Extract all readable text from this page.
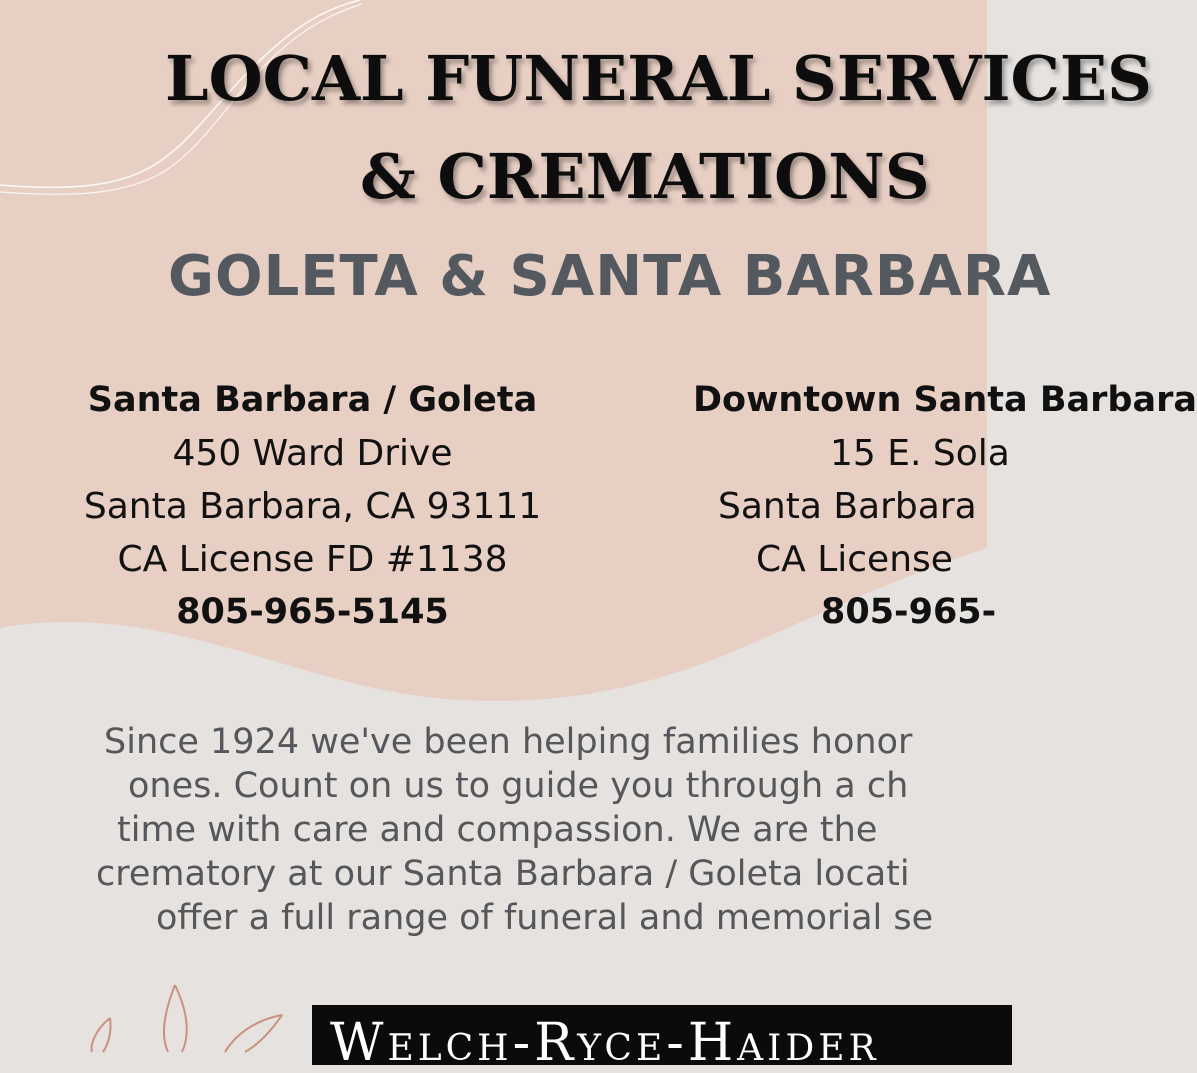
LOCAL FUNERAL SERVICES
& CREMATIONS
GOLETA & SANTA BARBARA
Santa Barbara / Goleta
450 Ward Drive
Santa Barbara, CA 93111
CA License FD #1138
805-965-5145
Downtown Santa Barbara
15 E. Sola
Santa Barbara
CA License
805-965-
Since 1924 we've been helping families honor
ones. Count on us to guide you through a ch
time with care and compassion. We are the
crematory at our Santa Barbara / Goleta locati
offer a full range of funeral and memorial se
Welch-Ryce-Haider
